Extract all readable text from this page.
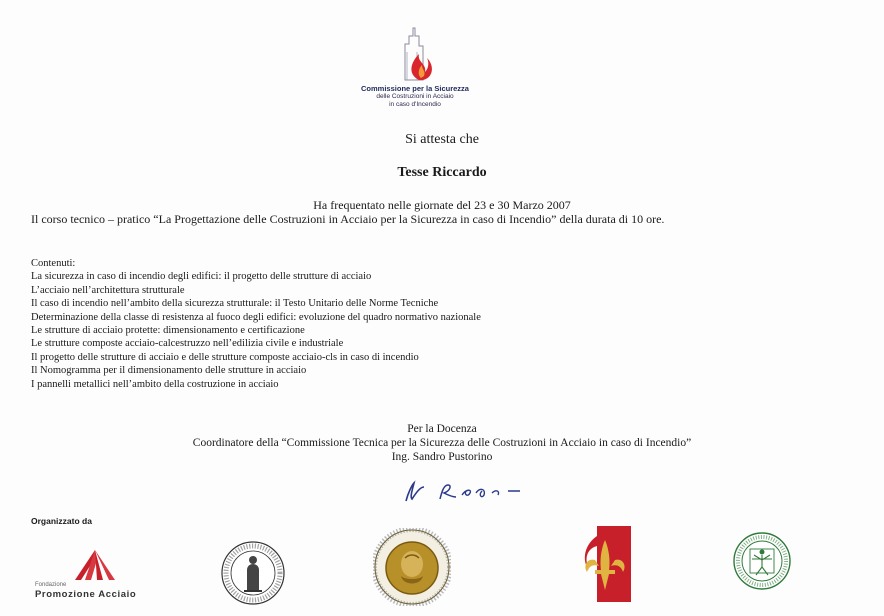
Commissione per la Sicurezza
delle Costruzioni in Acciaio
in caso d'Incendio
Si attesta che
Tesse Riccardo
Ha frequentato nelle giornate del 23 e 30 Marzo 2007
Il corso tecnico – pratico “La Progettazione delle Costruzioni in Acciaio per la Sicurezza in caso di Incendio” della durata di 10 ore.
Contenuti:
La sicurezza in caso di incendio degli edifici: il progetto delle strutture di acciaio
L’acciaio nell’architettura strutturale
Il caso di incendio nell’ambito della sicurezza strutturale: il Testo Unitario delle Norme Tecniche
Determinazione della classe di resistenza al fuoco degli edifici: evoluzione del quadro normativo nazionale
Le strutture di acciaio protette: dimensionamento e certificazione
Le strutture composte acciaio-calcestruzzo nell’edilizia civile e industriale
Il progetto delle strutture di acciaio e delle strutture composte acciaio-cls in caso di incendio
Il Nomogramma per il dimensionamento delle strutture in acciaio
I pannelli metallici nell’ambito della costruzione in acciaio
Per la Docenza
Coordinatore della “Commissione Tecnica per la Sicurezza delle Costruzioni in Acciaio in caso di Incendio”
Ing. Sandro Pustorino
Organizzato da
Fondazione
Promozione Acciaio
